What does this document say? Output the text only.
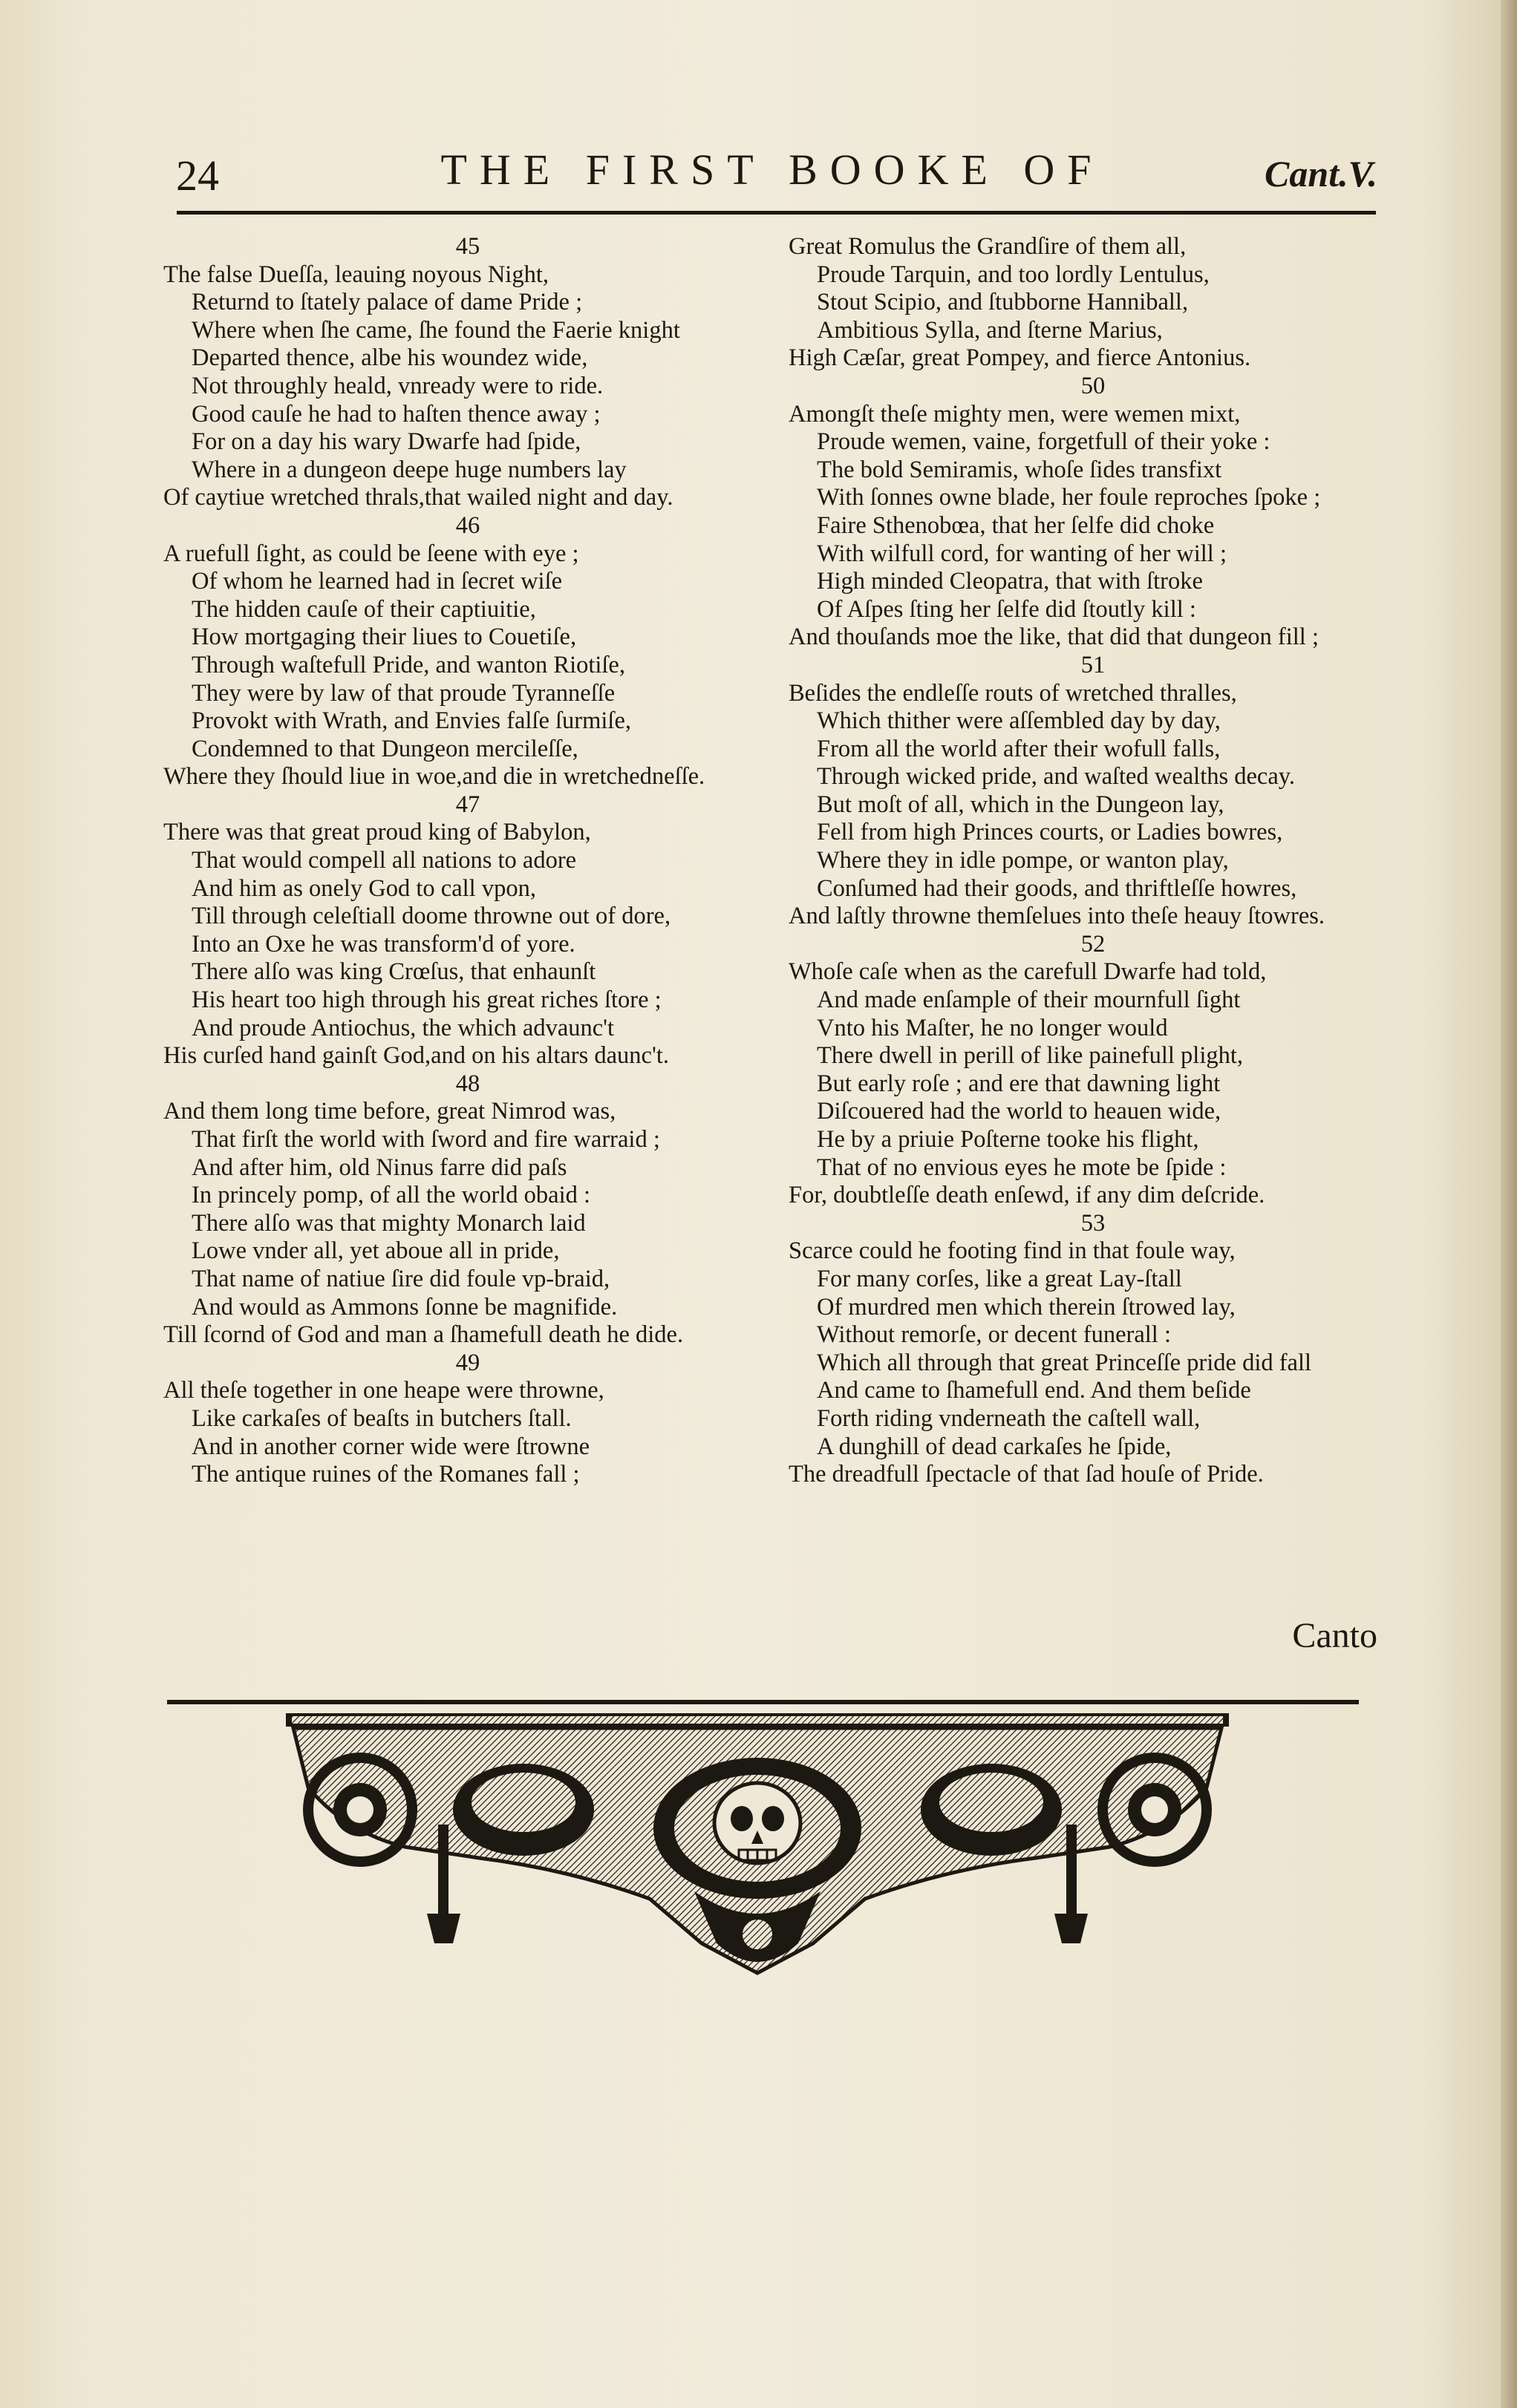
24	THE FIRST BOOKE OF	Cant.V.
45
The false Dueſſa, leauing noyous Night,
Returnd to ſtately palace of dame Pride ;
Where when ſhe came, ſhe found the Faerie knight
Departed thence, albe his woundez wide,
Not throughly heald, vnready were to ride.
Good cauſe he had to haſten thence away ;
For on a day his wary Dwarfe had ſpide,
Where in a dungeon deepe huge numbers lay
Of caytiue wretched thrals,that wailed night and day.
46
A ruefull ſight, as could be ſeene with eye ;
Of whom he learned had in ſecret wiſe
The hidden cauſe of their captiuitie,
How mortgaging their liues to Couetiſe,
Through waſtefull Pride, and wanton Riotiſe,
They were by law of that proude Tyranneſſe
Provokt with Wrath, and Envies falſe ſurmiſe,
Condemned to that Dungeon mercileſſe,
Where they ſhould liue in woe,and die in wretchedneſſe.
47
There was that great proud king of Babylon,
That would compell all nations to adore
And him as onely God to call vpon,
Till through celeſtiall doome throwne out of dore,
Into an Oxe he was transform'd of yore.
There alſo was king Crœſus, that enhaunſt
His heart too high through his great riches ſtore ;
And proude Antiochus, the which advaunc't
His curſed hand gainſt God,and on his altars daunc't.
48
And them long time before, great Nimrod was,
That firſt the world with ſword and fire warraid ;
And after him, old Ninus farre did paſs
In princely pomp, of all the world obaid :
There alſo was that mighty Monarch laid
Lowe vnder all, yet aboue all in pride,
That name of natiue ſire did foule vp-braid,
And would as Ammons ſonne be magnifide.
Till ſcornd of God and man a ſhamefull death he dide.
49
All theſe together in one heape were throwne,
Like carkaſes of beaſts in butchers ſtall.
And in another corner wide were ſtrowne
The antique ruines of the Romanes fall ;
Great Romulus the Grandſire of them all,
Proude Tarquin, and too lordly Lentulus,
Stout Scipio, and ſtubborne Hanniball,
Ambitious Sylla, and ſterne Marius,
High Cæſar, great Pompey, and fierce Antonius.
50
Amongſt theſe mighty men, were wemen mixt,
Proude wemen, vaine, forgetfull of their yoke :
The bold Semiramis, whoſe ſides transfixt
With ſonnes owne blade, her foule reproches ſpoke ;
Faire Sthenobœa, that her ſelfe did choke
With wilfull cord, for wanting of her will ;
High minded Cleopatra, that with ſtroke
Of Aſpes ſting her ſelfe did ſtoutly kill :
And thouſands moe the like, that did that dungeon fill ;
51
Beſides the endleſſe routs of wretched thralles,
Which thither were aſſembled day by day,
From all the world after their wofull falls,
Through wicked pride, and waſted wealths decay.
But moſt of all, which in the Dungeon lay,
Fell from high Princes courts, or Ladies bowres,
Where they in idle pompe, or wanton play,
Conſumed had their goods, and thriftleſſe howres,
And laſtly throwne themſelues into theſe heauy ſtowres.
52
Whoſe caſe when as the carefull Dwarfe had told,
And made enſample of their mournfull ſight
Vnto his Maſter, he no longer would
There dwell in perill of like painefull plight,
But early roſe ; and ere that dawning light
Diſcouered had the world to heauen wide,
He by a priuie Poſterne tooke his flight,
That of no envious eyes he mote be ſpide :
For, doubtleſſe death enſewd, if any dim deſcride.
53
Scarce could he footing find in that foule way,
For many corſes, like a great Lay-ſtall
Of murdred men which therein ſtrowed lay,
Without remorſe, or decent funerall :
Which all through that great Princeſſe pride did fall
And came to ſhamefull end. And them beſide
Forth riding vnderneath the caſtell wall,
A dunghill of dead carkaſes he ſpide,
The dreadfull ſpectacle of that ſad houſe of Pride.
Canto
